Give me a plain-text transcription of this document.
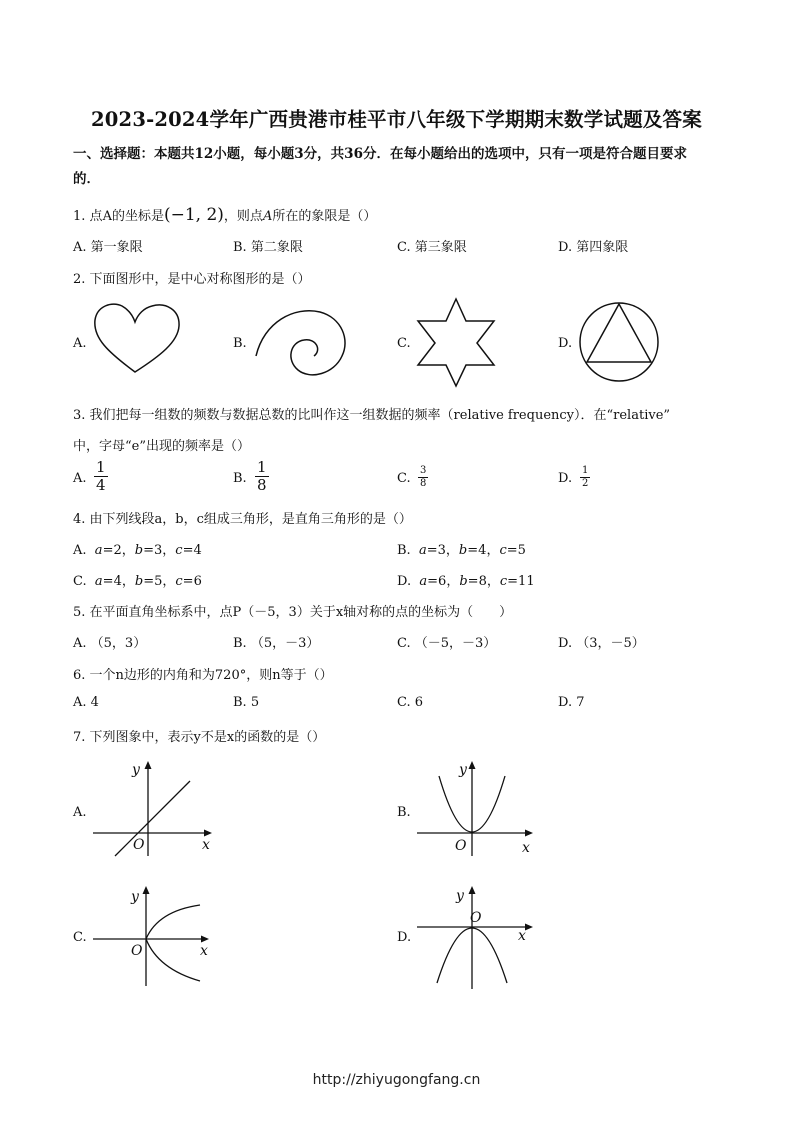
2023-2024学年广西贵港市桂平市八年级下学期期末数学试题及答案
一、选择题：本题共12小题，每小题3分，共36分．在每小题给出的选项中，只有一项是符合题目要求
的．
1. 点A的坐标是(−1, 2)，则点A所在的象限是（）
A. 第一象限	B. 第二象限	C. 第三象限	D. 第四象限
2. 下面图形中，是中心对称图形的是（）
A.	B.	C.	D.
3. 我们把每一组数的频数与数据总数的比叫作这一组数据的频率（relative frequency）．在“relative”
中，字母“e”出现的频率是（）
A. $\frac{1}{4}$	B. $\frac{1}{8}$	C. $\frac{3}{8}$	D. $\frac{1}{2}$
4. 由下列线段a，b，c组成三角形，是直角三角形的是（）
A. a=2，b=3，c=4	B. a=3，b=4，c=5
C. a=4，b=5，c=6	D. a=6，b=8，c=11
5. 在平面直角坐标系中，点P（－5，3）关于x轴对称的点的坐标为（　　）
A. （5，3）	B. （5，－3）	C. （－5，－3）	D. （3，－5）
6. 一个n边形的内角和为720°，则n等于（）
A. 4	B. 5	C. 6	D. 7
7. 下列图象中，表示y不是x的函数的是（）
A.
O	x
y
B.
O	x
y
C.
O	x
y
D.
O
x
y
http://zhiyugongfang.cn
